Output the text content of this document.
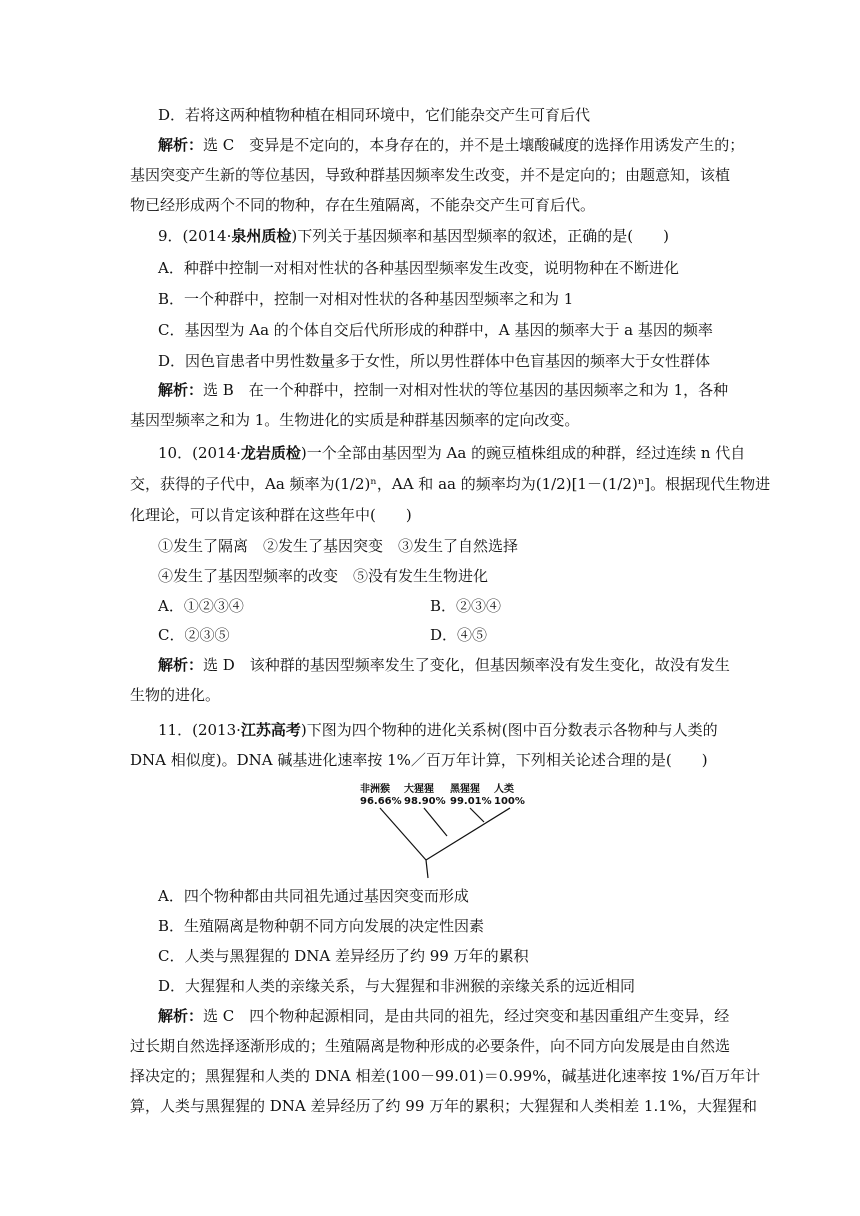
D．若将这两种植物种植在相同环境中，它们能杂交产生可育后代
解析：选 C　变异是不定向的，本身存在的，并不是土壤酸碱度的选择作用诱发产生的；
基因突变产生新的等位基因，导致种群基因频率发生改变，并不是定向的；由题意知，该植
物已经形成两个不同的物种，存在生殖隔离，不能杂交产生可育后代。
9．(2014·泉州质检)下列关于基因频率和基因型频率的叙述，正确的是(　　)
A．种群中控制一对相对性状的各种基因型频率发生改变，说明物种在不断进化
B．一个种群中，控制一对相对性状的各种基因型频率之和为 1
C．基因型为 Aa 的个体自交后代所形成的种群中，A 基因的频率大于 a 基因的频率
D．因色盲患者中男性数量多于女性，所以男性群体中色盲基因的频率大于女性群体
解析：选 B　在一个种群中，控制一对相对性状的等位基因的基因频率之和为 1，各种
基因型频率之和为 1。生物进化的实质是种群基因频率的定向改变。
10．(2014·龙岩质检)一个全部由基因型为 Aa 的豌豆植株组成的种群，经过连续 n 代自
交，获得的子代中，Aa 频率为(1/2)ⁿ，AA 和 aa 的频率均为(1/2)[1－(1/2)ⁿ]。根据现代生物进
化理论，可以肯定该种群在这些年中(　　)
①发生了隔离　②发生了基因突变　③发生了自然选择
④发生了基因型频率的改变　⑤没有发生生物进化
A．①②③④	B．②③④
C．②③⑤	D．④⑤
解析：选 D　该种群的基因型频率发生了变化，但基因频率没有发生变化，故没有发生
生物的进化。
11．(2013·江苏高考)下图为四个物种的进化关系树(图中百分数表示各物种与人类的
DNA 相似度)。DNA 碱基进化速率按 1%／百万年计算，下列相关论述合理的是(　　)
非洲猴 大猩猩 黑猩猩 人类
96.66% 98.90% 99.01% 100%
A．四个物种都由共同祖先通过基因突变而形成
B．生殖隔离是物种朝不同方向发展的决定性因素
C．人类与黑猩猩的 DNA 差异经历了约 99 万年的累积
D．大猩猩和人类的亲缘关系，与大猩猩和非洲猴的亲缘关系的远近相同
解析：选 C　四个物种起源相同，是由共同的祖先，经过突变和基因重组产生变异，经
过长期自然选择逐渐形成的；生殖隔离是物种形成的必要条件，向不同方向发展是由自然选
择决定的；黑猩猩和人类的 DNA 相差(100－99.01)＝0.99%，碱基进化速率按 1%/百万年计
算，人类与黑猩猩的 DNA 差异经历了约 99 万年的累积；大猩猩和人类相差 1.1%，大猩猩和
